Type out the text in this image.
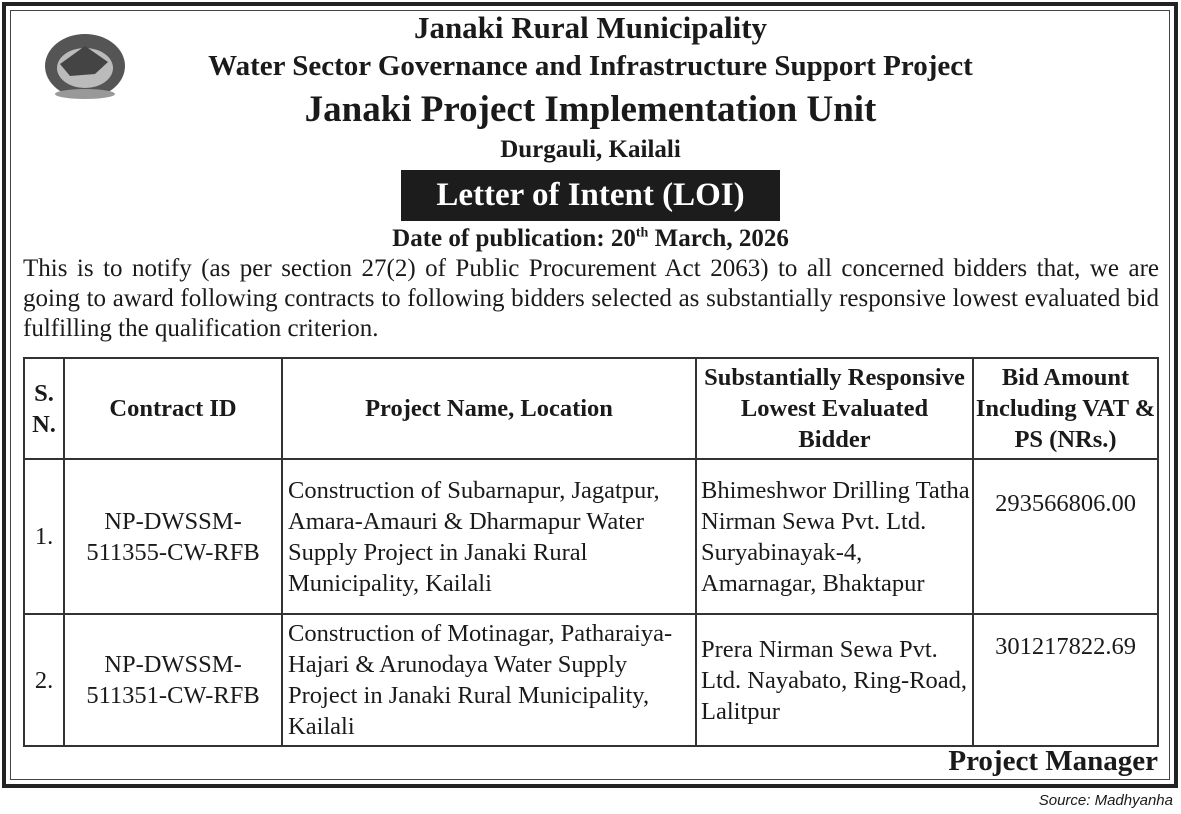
Janaki Rural Municipality
Water Sector Governance and Infrastructure Support Project
Janaki Project Implementation Unit
Durgauli, Kailali
Letter of Intent (LOI)
Date of publication: 20th March, 2026
This is to notify (as per section 27(2) of Public Procurement Act 2063) to all concerned bidders that, we are going to award following contracts to following bidders selected as substantially responsive lowest evaluated bid fulfilling the qualification criterion.
S. N.	Contract ID	Project Name, Location	Substantially Responsive Lowest Evaluated Bidder	Bid Amount Including VAT & PS (NRs.)
1.	NP-DWSSM-511355-CW-RFB	Construction of Subarnapur, Jagatpur, Amara-Amauri & Dharmapur Water Supply Project in Janaki Rural Municipality, Kailali	Bhimeshwor Drilling Tatha Nirman Sewa Pvt. Ltd. Suryabinayak-4, Amarnagar, Bhaktapur	293566806.00
2.	NP-DWSSM-511351-CW-RFB	Construction of Motinagar, Patharaiya-Hajari & Arunodaya Water Supply Project in Janaki Rural Municipality, Kailali	Prera Nirman Sewa Pvt. Ltd. Nayabato, Ring-Road, Lalitpur	301217822.69
Project Manager
Source: Madhyanha
